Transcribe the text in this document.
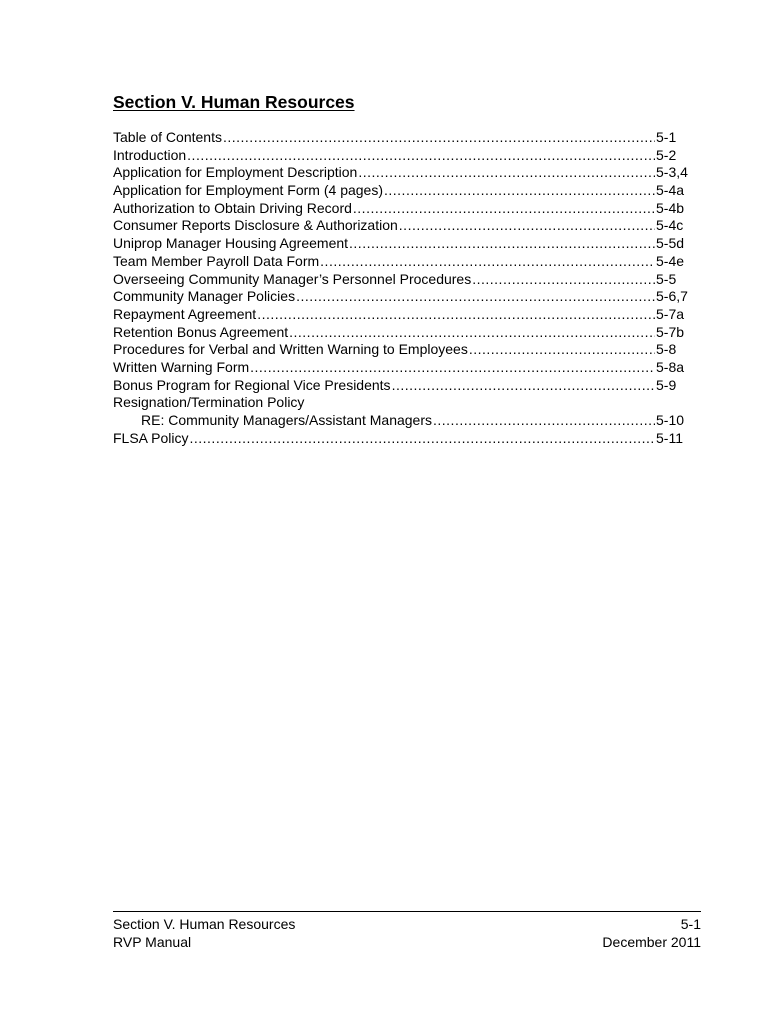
Section V. Human Resources
Table of Contents .....	5-1
Introduction .....	5-2
Application for Employment Description .....	5-3,4
Application for Employment Form (4 pages) .....	5-4a
Authorization to Obtain Driving Record .....	5-4b
Consumer Reports Disclosure & Authorization .....	5-4c
Uniprop Manager Housing Agreement .....	5-5d
Team Member Payroll Data Form .....	5-4e
Overseeing Community Manager’s Personnel Procedures .....	5-5
Community Manager Policies .....	5-6,7
Repayment Agreement .....	5-7a
Retention Bonus Agreement .....	5-7b
Procedures for Verbal and Written Warning to Employees .....	5-8
Written Warning Form .....	5-8a
Bonus Program for Regional Vice Presidents .....	5-9
Resignation/Termination Policy
RE: Community Managers/Assistant Managers .....	5-10
FLSA Policy .....	5-11
Section V. Human Resources	5-1
RVP Manual	December 2011
